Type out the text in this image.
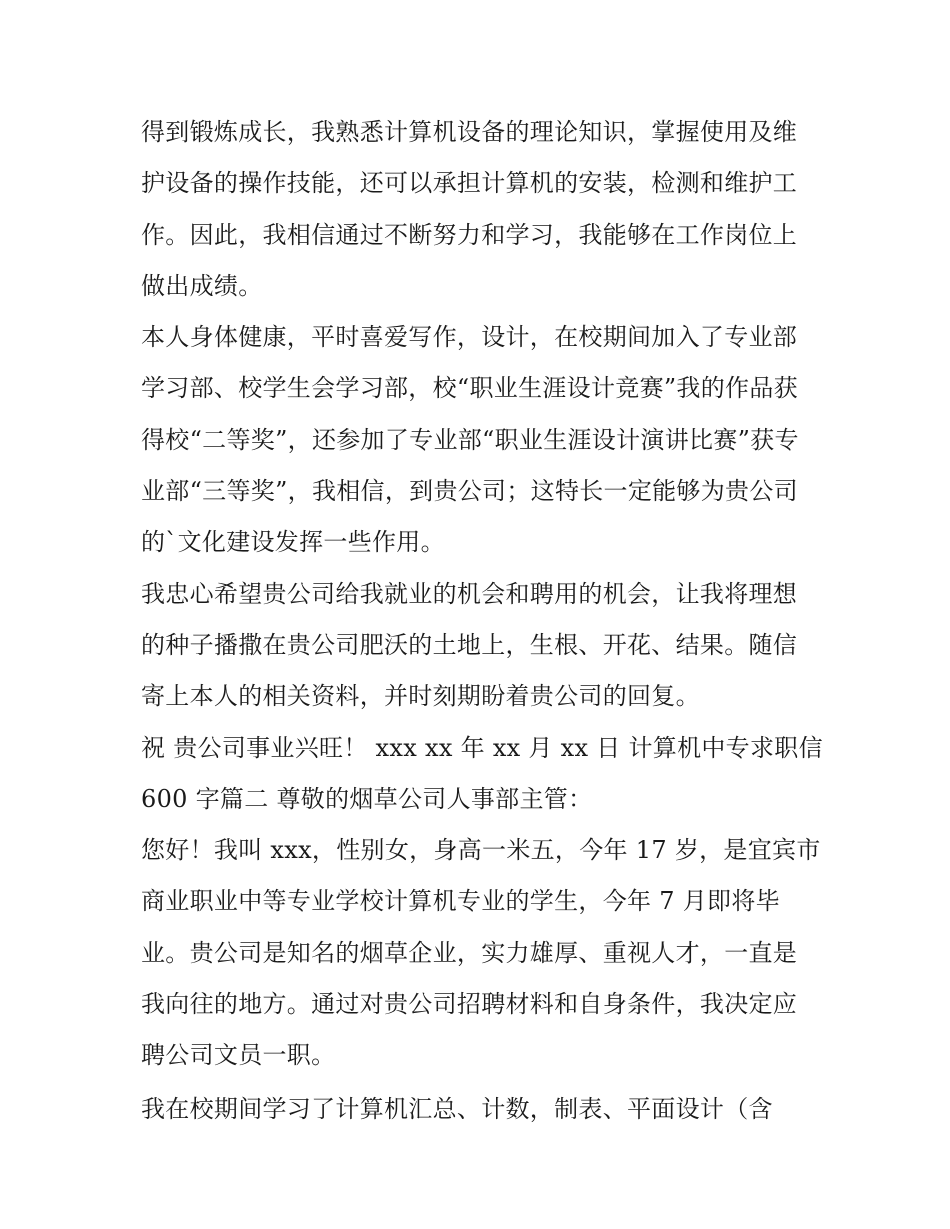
得到锻炼成长，我熟悉计算机设备的理论知识，掌握使用及维
护设备的操作技能，还可以承担计算机的安装，检测和维护工
作。因此，我相信通过不断努力和学习，我能够在工作岗位上
做出成绩。
本人身体健康，平时喜爱写作，设计，在校期间加入了专业部
学习部、校学生会学习部，校“职业生涯设计竞赛”我的作品获
得校“二等奖”，还参加了专业部“职业生涯设计演讲比赛”获专
业部“三等奖”，我相信，到贵公司；这特长一定能够为贵公司
的`文化建设发挥一些作用。
我忠心希望贵公司给我就业的机会和聘用的机会，让我将理想
的种子播撒在贵公司肥沃的土地上，生根、开花、结果。随信
寄上本人的相关资料，并时刻期盼着贵公司的回复。
祝 贵公司事业兴旺！ xxx xx 年 xx 月 xx 日 计算机中专求职信
600 字篇二 尊敬的烟草公司人事部主管：
您好！我叫 xxx，性别女，身高一米五，今年 17 岁，是宜宾市
商业职业中等专业学校计算机专业的学生，今年 7 月即将毕
业。贵公司是知名的烟草企业，实力雄厚、重视人才，一直是
我向往的地方。通过对贵公司招聘材料和自身条件，我决定应
聘公司文员一职。
我在校期间学习了计算机汇总、计数，制表、平面设计（含
